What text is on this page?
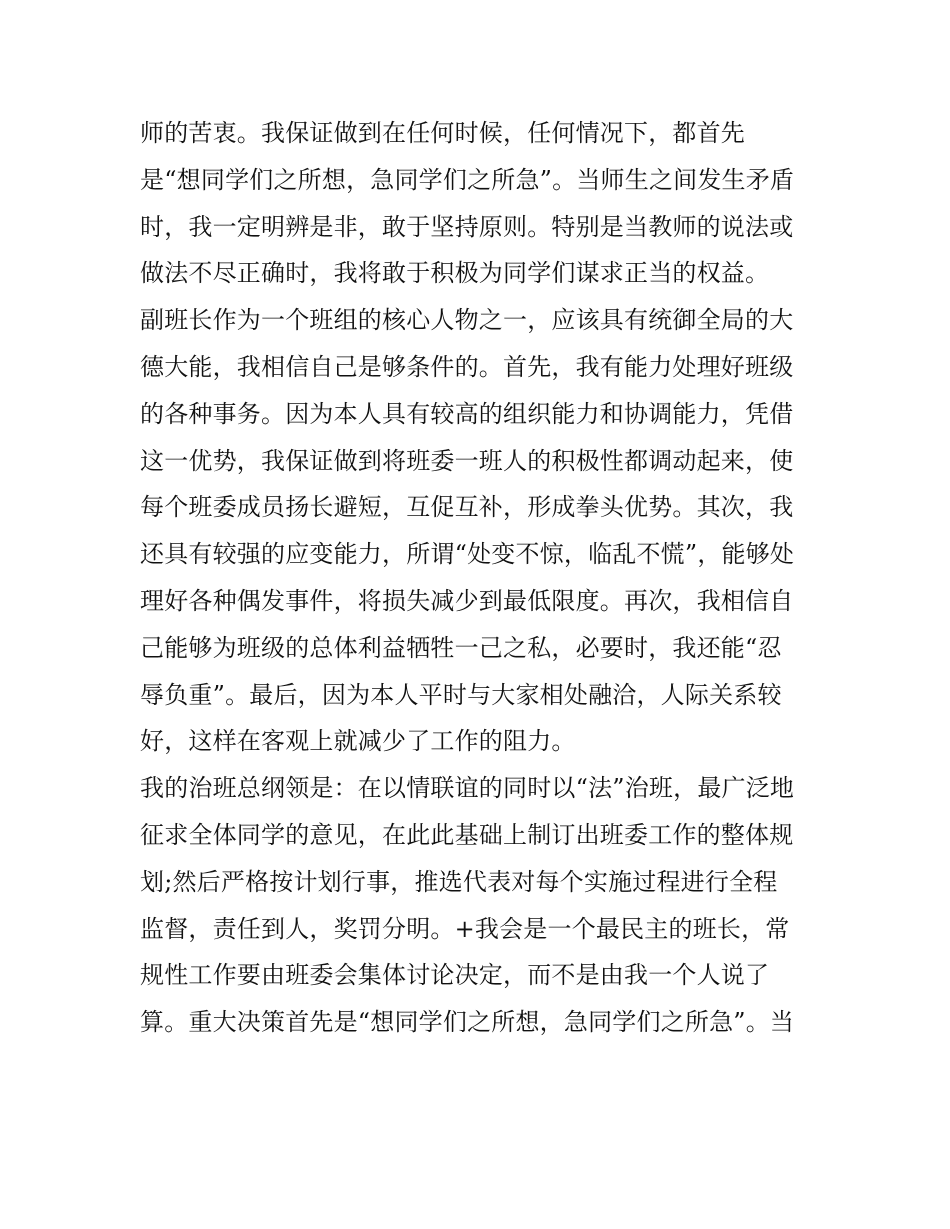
师的苦衷。我保证做到在任何时候，任何情况下，都首先
是“想同学们之所想，急同学们之所急”。当师生之间发生矛盾
时，我一定明辨是非，敢于坚持原则。特别是当教师的说法或
做法不尽正确时，我将敢于积极为同学们谋求正当的权益。
副班长作为一个班组的核心人物之一，应该具有统御全局的大
德大能，我相信自己是够条件的。首先，我有能力处理好班级
的各种事务。因为本人具有较高的组织能力和协调能力，凭借
这一优势，我保证做到将班委一班人的积极性都调动起来，使
每个班委成员扬长避短，互促互补，形成拳头优势。其次，我
还具有较强的应变能力，所谓“处变不惊，临乱不慌”，能够处
理好各种偶发事件，将损失减少到最低限度。再次，我相信自
己能够为班级的总体利益牺牲一己之私，必要时，我还能“忍
辱负重”。最后，因为本人平时与大家相处融洽，人际关系较
好，这样在客观上就减少了工作的阻力。
我的治班总纲领是：在以情联谊的同时以“法”治班，最广泛地
征求全体同学的意见，在此此基础上制订出班委工作的整体规
划;然后严格按计划行事，推选代表对每个实施过程进行全程
监督，责任到人，奖罚分明。+我会是一个最民主的班长，常
规性工作要由班委会集体讨论决定，而不是由我一个人说了
算。重大决策首先是“想同学们之所想，急同学们之所急”。当
